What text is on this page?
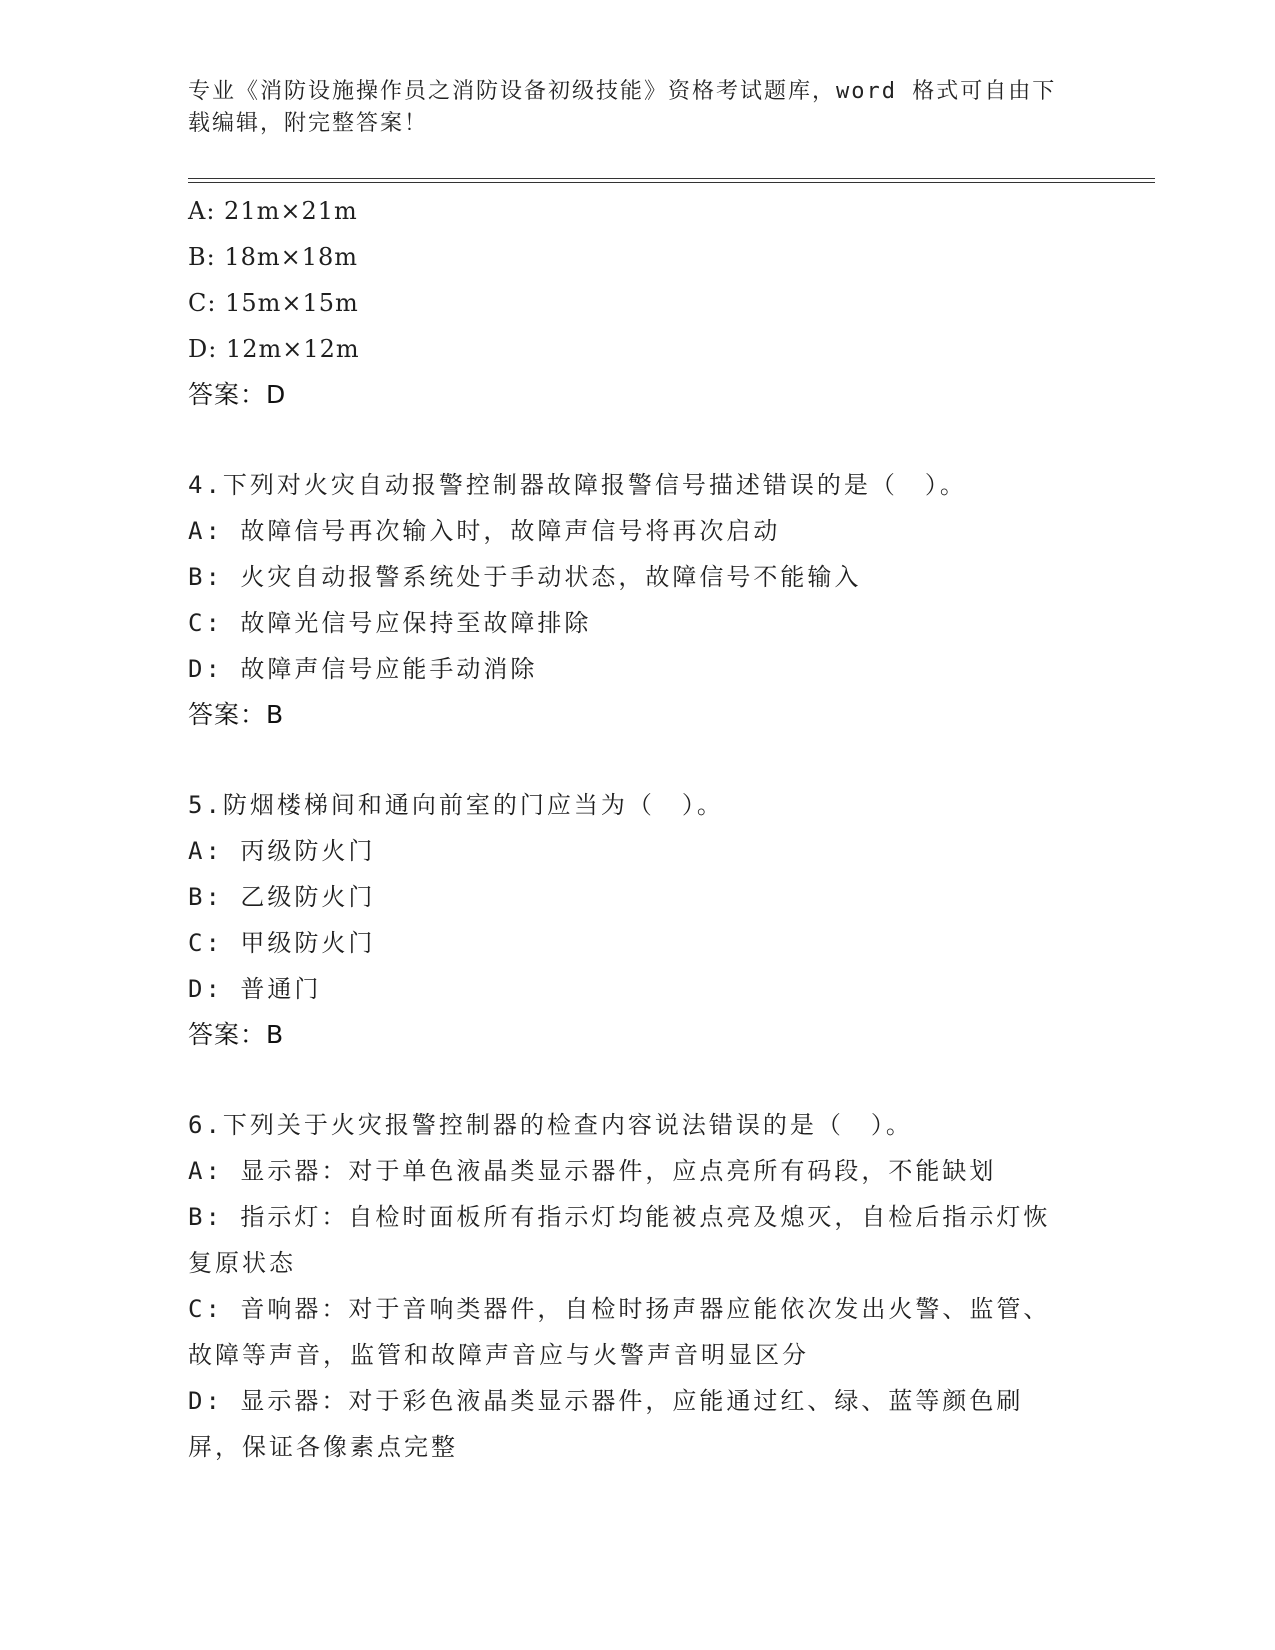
专业《消防设施操作员之消防设备初级技能》资格考试题库，word 格式可自由下
载编辑，附完整答案！
A: 21m×21m
B: 18m×18m
C: 15m×15m
D: 12m×12m
答案：D
4.下列对火灾自动报警控制器故障报警信号描述错误的是（　）。
A: 故障信号再次输入时，故障声信号将再次启动
B: 火灾自动报警系统处于手动状态，故障信号不能输入
C: 故障光信号应保持至故障排除
D: 故障声信号应能手动消除
答案：B
5.防烟楼梯间和通向前室的门应当为（　）。
A: 丙级防火门
B: 乙级防火门
C: 甲级防火门
D: 普通门
答案：B
6.下列关于火灾报警控制器的检查内容说法错误的是（　）。
A: 显示器：对于单色液晶类显示器件，应点亮所有码段，不能缺划
B: 指示灯：自检时面板所有指示灯均能被点亮及熄灭，自检后指示灯恢复原状态
C: 音响器：对于音响类器件，自检时扬声器应能依次发出火警、监管、故障等声音，监管和故障声音应与火警声音明显区分
D: 显示器：对于彩色液晶类显示器件，应能通过红、绿、蓝等颜色刷屏，保证各像素点完整
